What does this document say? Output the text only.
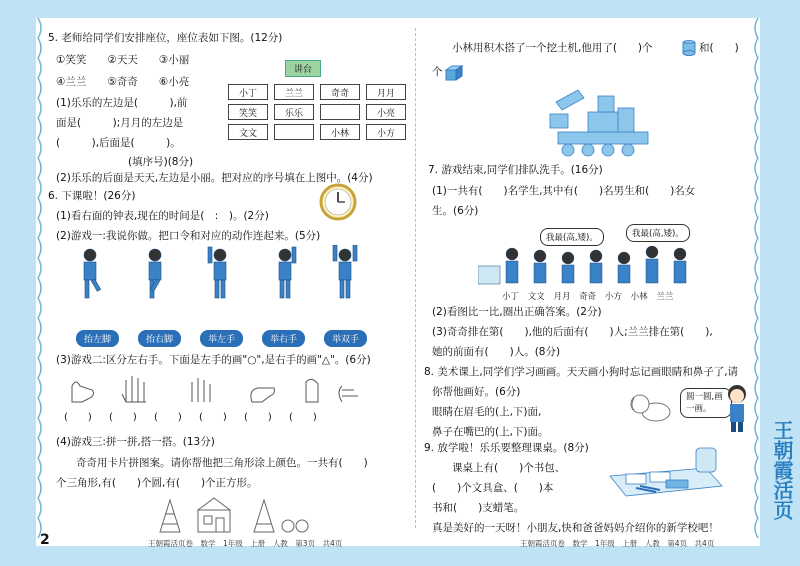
5. 老师给同学们安排座位，座位表如下图。(12分)
①笑笑　　②天天　　③小丽
④兰兰　　⑤奇奇　　⑥小亮
(1)乐乐的左边是(　　　),前
面是(　　　);月月的左边是
(　　　),后面是(　　　)。
(填序号)(8分)
(2)乐乐的后面是天天,左边是小丽。把对应的序号填在上图中。(4分)
讲台
小丁	兰兰	奇奇	月月
笑笑	乐乐		小亮
文文		小林	小方
6. 下课啦！(26分)
(1)看右面的钟表,现在的时间是(　:　)。(2分)
(2)游戏一:我说你做。把口令和对应的动作连起来。(5分)
抬左脚	抬右脚	举左手	举右手	举双手
(3)游戏二:区分左右手。下面是左手的画"○",是右手的画"△"。(6分)
(　　)　 (　　)　 (　　)　 (　　)　 (　　)　 (　　)
(4)游戏三:拼一拼,搭一搭。(13分)
奇奇用卡片拼图案。请你帮他把三角形涂上颜色。一共有(　　)
个三角形,有(　　)个圆,有(　　)个正方形。
2	王朝霞活页卷　数学　1年级　上册　人教　第3页　共4页
小林用积木搭了一个挖土机,他用了(　　)个	和(　　)
个
7. 游戏结束,同学们排队洗手。(16分)
(1)一共有(　　)名学生,其中有(　　)名男生和(　　)名女
生。(6分)
我最(高,矮)。	我最(高,矮)。
小丁 文文 月月 奇奇 小方 小林 兰兰
(2)看图比一比,圈出正确答案。(2分)
(3)奇奇排在第(　　),他的后面有(　　)人;兰兰排在第(　　),
她的前面有(　　)人。(8分)
8. 美术课上,同学们学习画画。天天画小狗时忘记画眼睛和鼻子了,请
你帮他画好。(6分)
眼睛在眉毛的(上,下)面,
鼻子在嘴巴的(上,下)面。
圆一圆,画一画。
9. 放学啦！乐乐要整理课桌。(8分)
课桌上有(　　)个书包、
(　　)个文具盒、(　　)本
书和(　　)支蜡笔。
真是美好的一天呀！小朋友,快和爸爸妈妈介绍你的新学校吧！
王朝霞活页卷　数学　1年级　上册　人教　第4页　共4页
王朝霞活页
